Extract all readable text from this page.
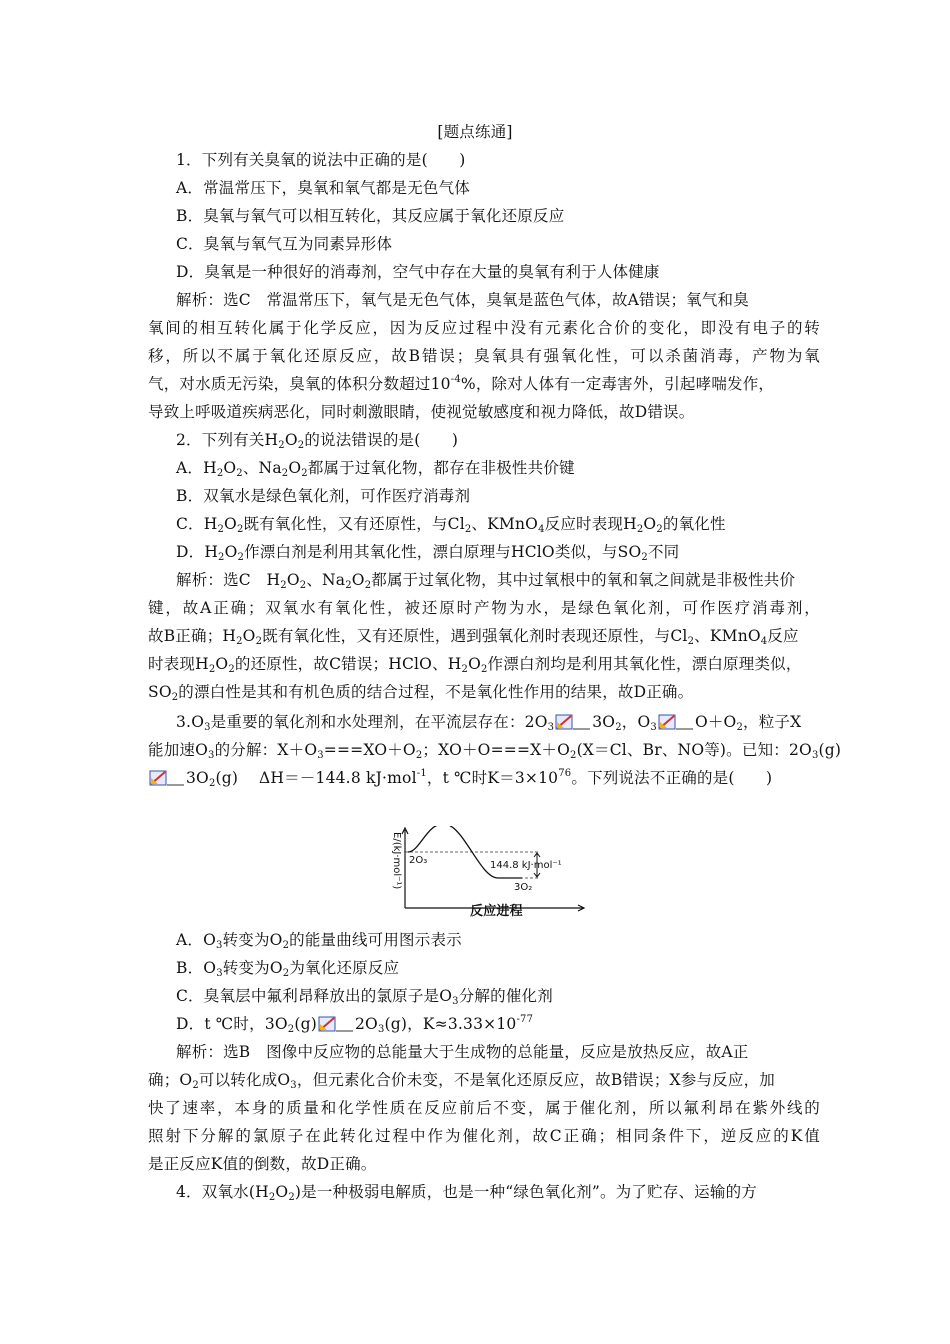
[题点练通]
1．下列有关臭氧的说法中正确的是(　　)
A．常温常压下，臭氧和氧气都是无色气体
B．臭氧与氧气可以相互转化，其反应属于氧化还原反应
C．臭氧与氧气互为同素异形体
D．臭氧是一种很好的消毒剂，空气中存在大量的臭氧有利于人体健康
解析：选C　常温常压下，氧气是无色气体，臭氧是蓝色气体，故A错误；氧气和臭
氧间的相互转化属于化学反应，因为反应过程中没有元素化合价的变化，即没有电子的转
移，所以不属于氧化还原反应，故B错误；臭氧具有强氧化性，可以杀菌消毒，产物为氧
气，对水质无污染，臭氧的体积分数超过$10^{-4}\%$，除对人体有一定毒害外，引起哮喘发作，
导致上呼吸道疾病恶化，同时刺激眼睛，使视觉敏感度和视力降低，故D错误。
2．下列有关$H_2O_2$的说法错误的是(　　)
A．$H_2O_2$、$Na_2O_2$都属于过氧化物，都存在非极性共价键
B．双氧水是绿色氧化剂，可作医疗消毒剂
C．$H_2O_2$既有氧化性，又有还原性，与$Cl_2$、KMnO$_4$反应时表现$H_2O_2$的氧化性
D．$H_2O_2$作漂白剂是利用其氧化性，漂白原理与HClO类似，与$SO_2$不同
解析：选C　$H_2O_2$、$Na_2O_2$都属于过氧化物，其中过氧根中的氧和氧之间就是非极性共价
键，故A正确；双氧水有氧化性，被还原时产物为水，是绿色氧化剂，可作医疗消毒剂，
故B正确；$H_2O_2$既有氧化性，又有还原性，遇到强氧化剂时表现还原性，与$Cl_2$、KMnO$_4$反应
时表现$H_2O_2$的还原性，故C错误；HClO、$H_2O_2$作漂白剂均是利用其氧化性，漂白原理类似，
$SO_2$的漂白性是其和有机色质的结合过程，不是氧化性作用的结果，故D正确。
$3.O_3$是重要的氧化剂和水处理剂，在平流层存在：$2O_3$ $3O_2$，$O_3$ $O+O_2$，粒子X
能加速$O_3$的分解：$X+O_3===XO+O_2$；$XO+O===X+O_2(X=Cl$、Br、NO等)。已知：$2O_3(g)$
$3O_2(g)$　 ΔH＝－144.8 kJ·mol$^{-1}$，t ℃时$K=3\times 10^{76}$。下列说法不正确的是(　　)
E/(kJ·mol⁻¹) 2O₃
3O₂
144.8 kJ·mol⁻¹
反应进程
A．$O_3$转变为$O_2$的能量曲线可用图示表示
B．$O_3$转变为$O_2$为氧化还原反应
C．臭氧层中氟利昂释放出的氯原子是$O_3$分解的催化剂
D．t ℃时，$3O_2(g)$ $2O_3(g)$，$K\approx 3.33\times 10^{-77}$
解析：选B　图像中反应物的总能量大于生成物的总能量，反应是放热反应，故A正
确；$O_2$可以转化成$O_3$，但元素化合价未变，不是氧化还原反应，故B错误；X参与反应，加
快了速率，本身的质量和化学性质在反应前后不变，属于催化剂，所以氟利昂在紫外线的
照射下分解的氯原子在此转化过程中作为催化剂，故C正确；相同条件下，逆反应的K值
是正反应K值的倒数，故D正确。
4．双氧水$(H_2O_2)$是一种极弱电解质，也是一种“绿色氧化剂”。为了贮存、运输的方
